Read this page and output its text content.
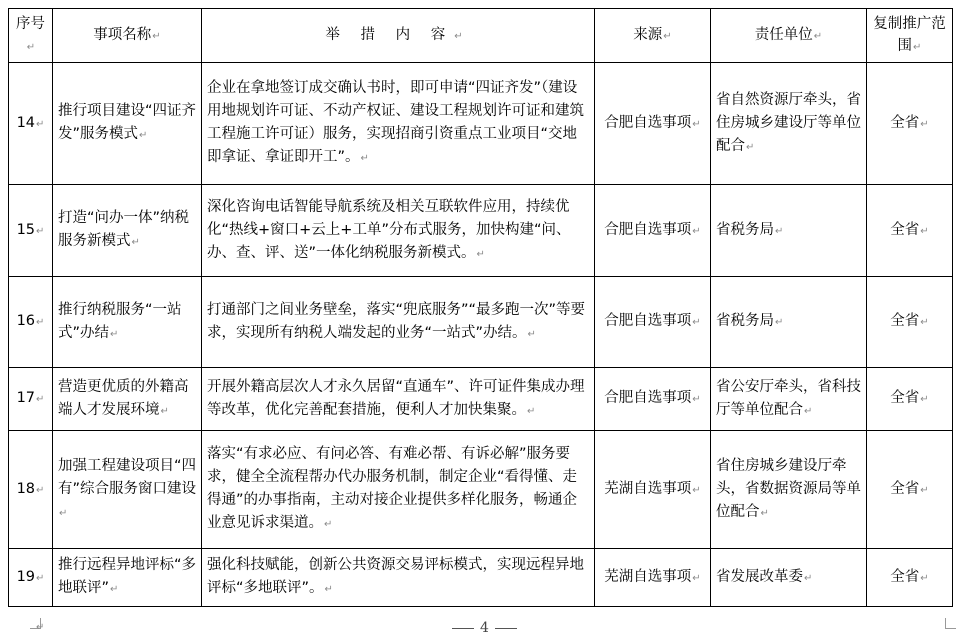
序号↵	事项名称↵	举 措 内 容↵	来源↵	责任单位↵	复制推广范围↵
14↵	推行项目建设“四证齐发”服务模式↵	企业在拿地签订成交确认书时，即可申请“四证齐发”（建设用地规划许可证、不动产权证、建设工程规划许可证和建筑工程施工许可证）服务，实现招商引资重点工业项目“交地即拿证、拿证即开工”。↵	合肥自选事项↵	省自然资源厅牵头，省住房城乡建设厅等单位配合↵	全省↵
15↵	打造“问办一体”纳税服务新模式↵	深化咨询电话智能导航系统及相关互联软件应用，持续优化“热线+窗口+云上+工单”分布式服务，加快构建“问、办、查、评、送”一体化纳税服务新模式。↵	合肥自选事项↵	省税务局↵	全省↵
16↵	推行纳税服务“一站式”办结↵	打通部门之间业务壁垒，落实“兜底服务”“最多跑一次”等要求，实现所有纳税人端发起的业务“一站式”办结。↵	合肥自选事项↵	省税务局↵	全省↵
17↵	营造更优质的外籍高端人才发展环境↵	开展外籍高层次人才永久居留“直通车”、许可证件集成办理等改革，优化完善配套措施，便利人才加快集聚。↵	合肥自选事项↵	省公安厅牵头，省科技厅等单位配合↵	全省↵
18↵	加强工程建设项目“四有”综合服务窗口建设↵	落实“有求必应、有问必答、有难必帮、有诉必解”服务要求，健全全流程帮办代办服务机制，制定企业“看得懂、走得通”的办事指南，主动对接企业提供多样化服务，畅通企业意见诉求渠道。↵	芜湖自选事项↵	省住房城乡建设厅牵头，省数据资源局等单位配合↵	全省↵
19↵	推行远程异地评标“多地联评”↵	强化科技赋能，创新公共资源交易评标模式，实现远程异地评标“多地联评”。↵	芜湖自选事项↵	省发展改革委↵	全省↵
↵	4
